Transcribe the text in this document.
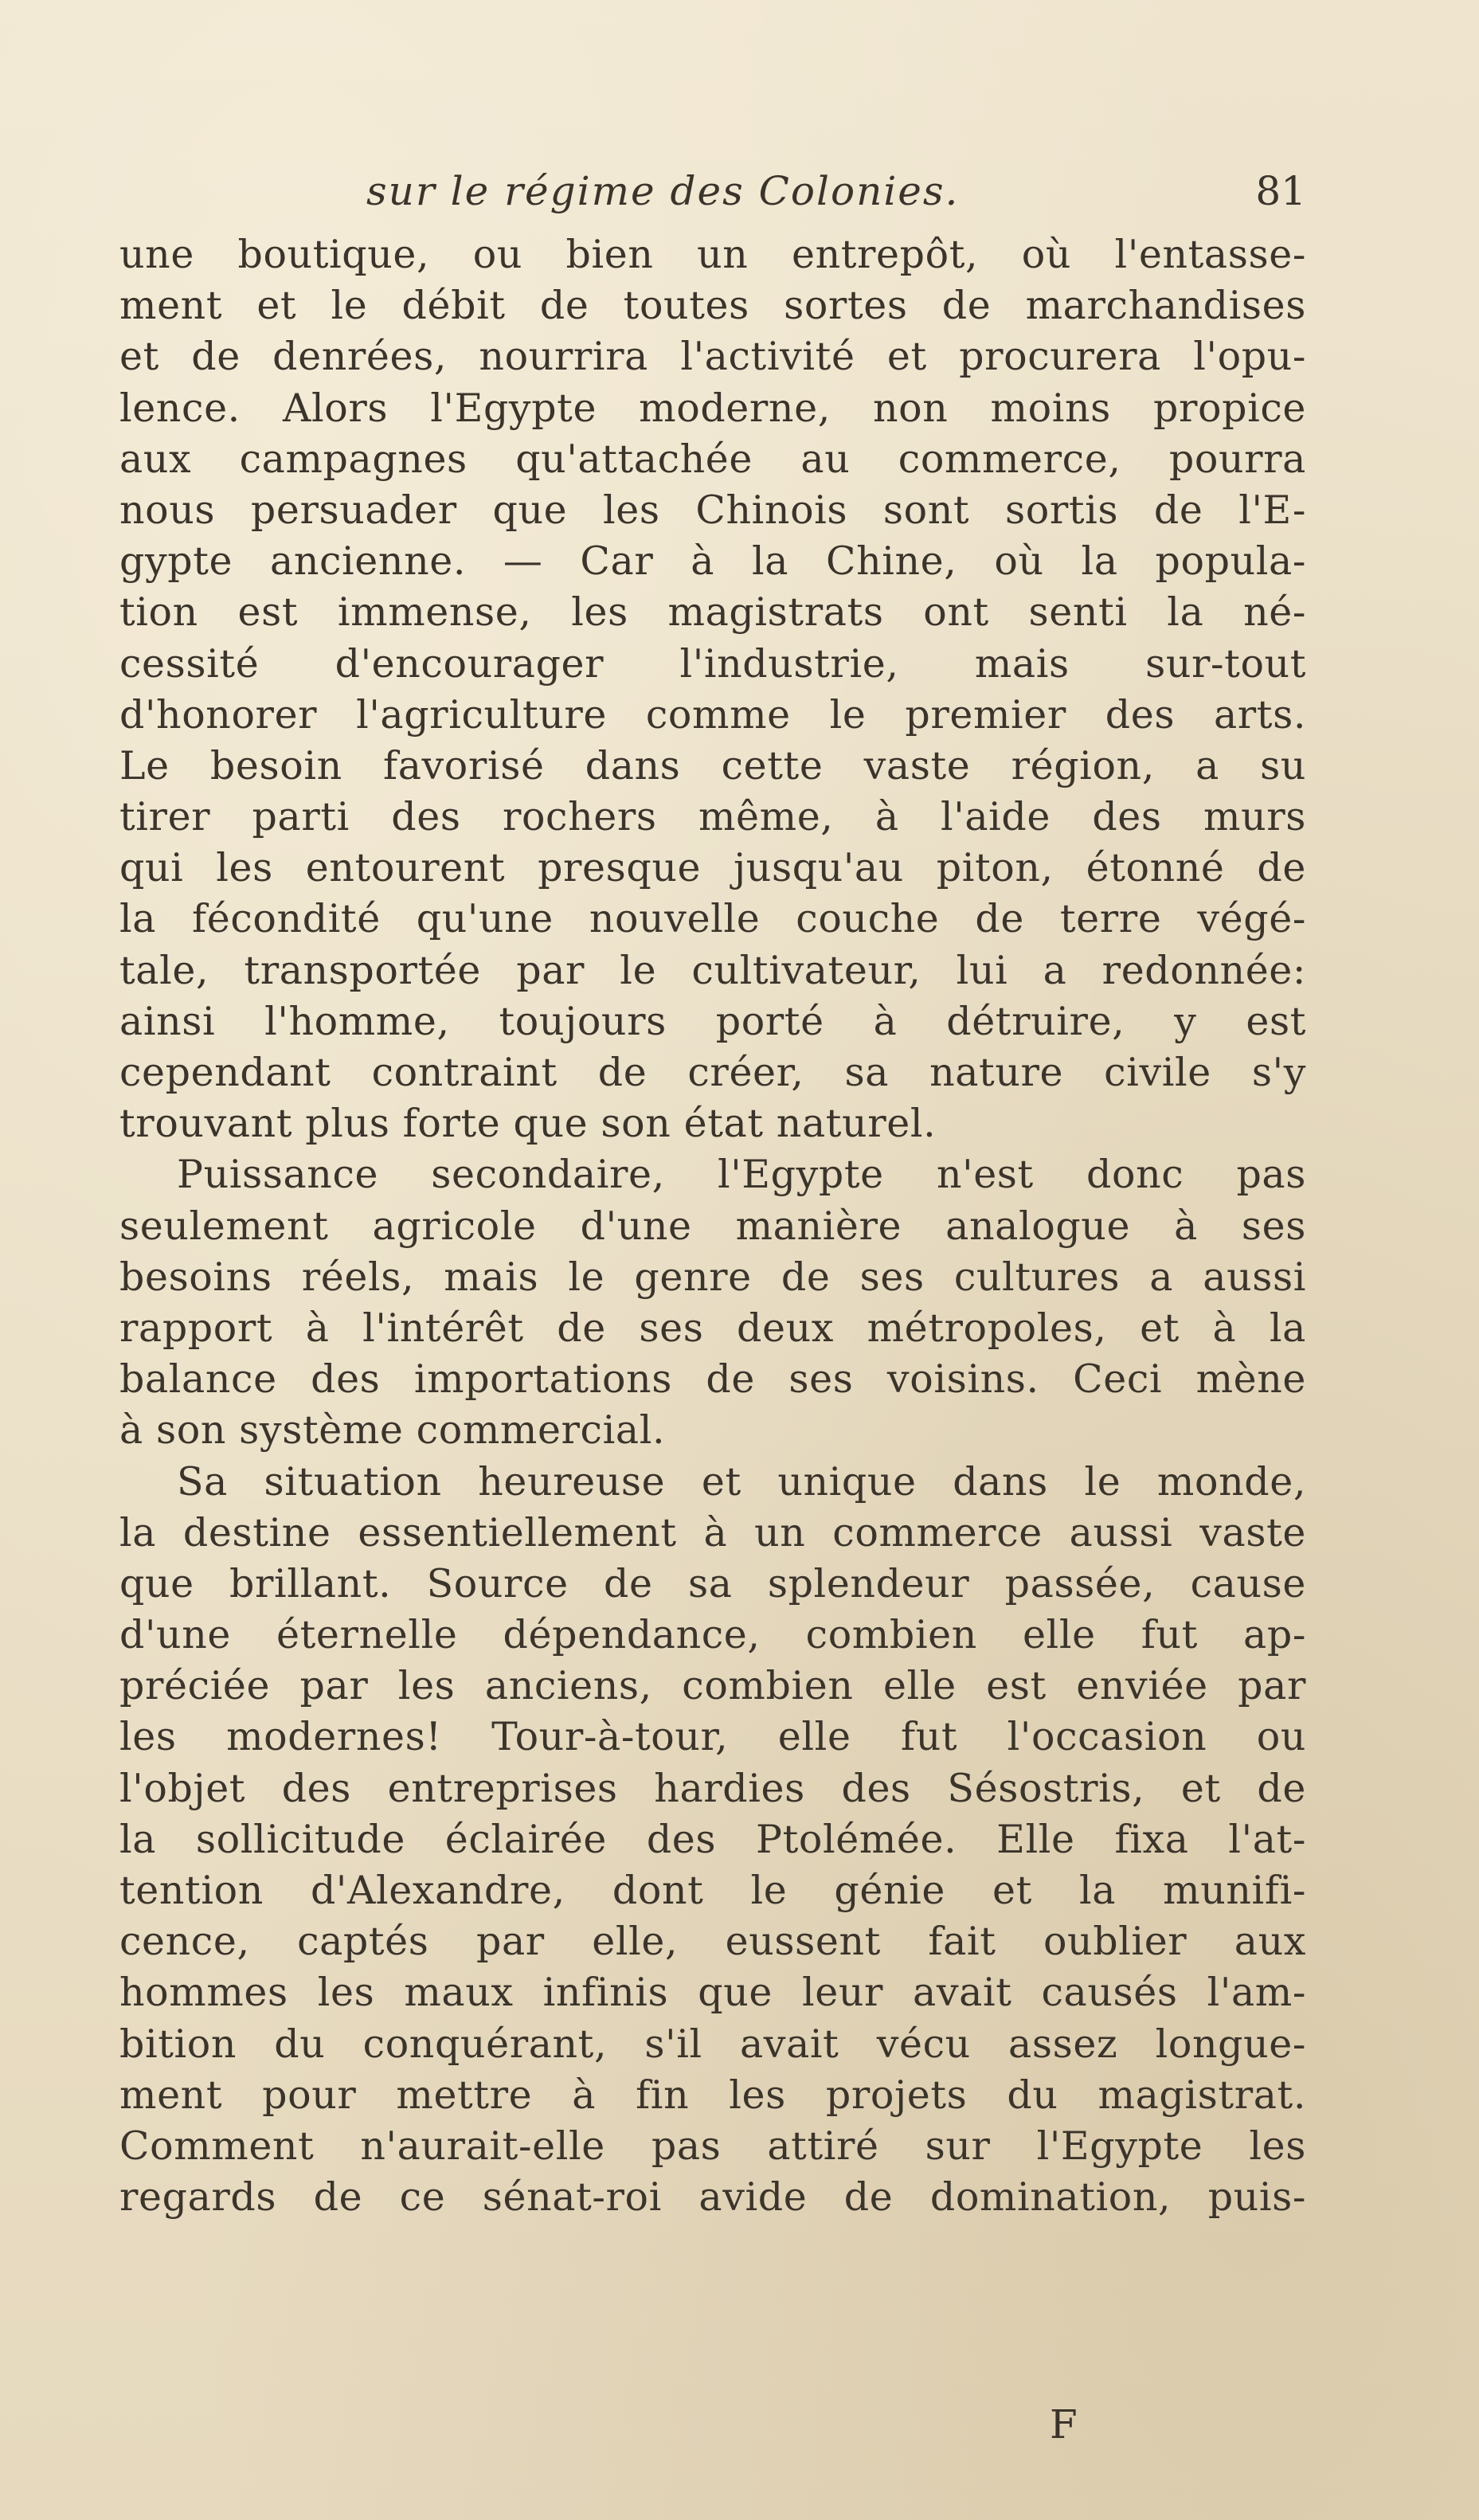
sur le régime des Colonies.	81
une boutique, ou bien un entrepôt, où l'entasse-
ment et le débit de toutes sortes de marchandises
et de denrées, nourrira l'activité et procurera l'opu-
lence. Alors l'Egypte moderne, non moins propice
aux campagnes qu'attachée au commerce, pourra
nous persuader que les Chinois sont sortis de l'E-
gypte ancienne. — Car à la Chine, où la popula-
tion est immense, les magistrats ont senti la né-
cessité d'encourager l'industrie, mais sur-tout
d'honorer l'agriculture comme le premier des arts.
Le besoin favorisé dans cette vaste région, a su
tirer parti des rochers même, à l'aide des murs
qui les entourent presque jusqu'au piton, étonné de
la fécondité qu'une nouvelle couche de terre végé-
tale, transportée par le cultivateur, lui a redonnée:
ainsi l'homme, toujours porté à détruire, y est
cependant contraint de créer, sa nature civile s'y
trouvant plus forte que son état naturel.
Puissance secondaire, l'Egypte n'est donc pas
seulement agricole d'une manière analogue à ses
besoins réels, mais le genre de ses cultures a aussi
rapport à l'intérêt de ses deux métropoles, et à la
balance des importations de ses voisins. Ceci mène
à son système commercial.
Sa situation heureuse et unique dans le monde,
la destine essentiellement à un commerce aussi vaste
que brillant. Source de sa splendeur passée, cause
d'une éternelle dépendance, combien elle fut ap-
préciée par les anciens, combien elle est enviée par
les modernes! Tour-à-tour, elle fut l'occasion ou
l'objet des entreprises hardies des Sésostris, et de
la sollicitude éclairée des Ptolémée. Elle fixa l'at-
tention d'Alexandre, dont le génie et la munifi-
cence, captés par elle, eussent fait oublier aux
hommes les maux infinis que leur avait causés l'am-
bition du conquérant, s'il avait vécu assez longue-
ment pour mettre à fin les projets du magistrat.
Comment n'aurait-elle pas attiré sur l'Egypte les
regards de ce sénat-roi avide de domination, puis-
F
